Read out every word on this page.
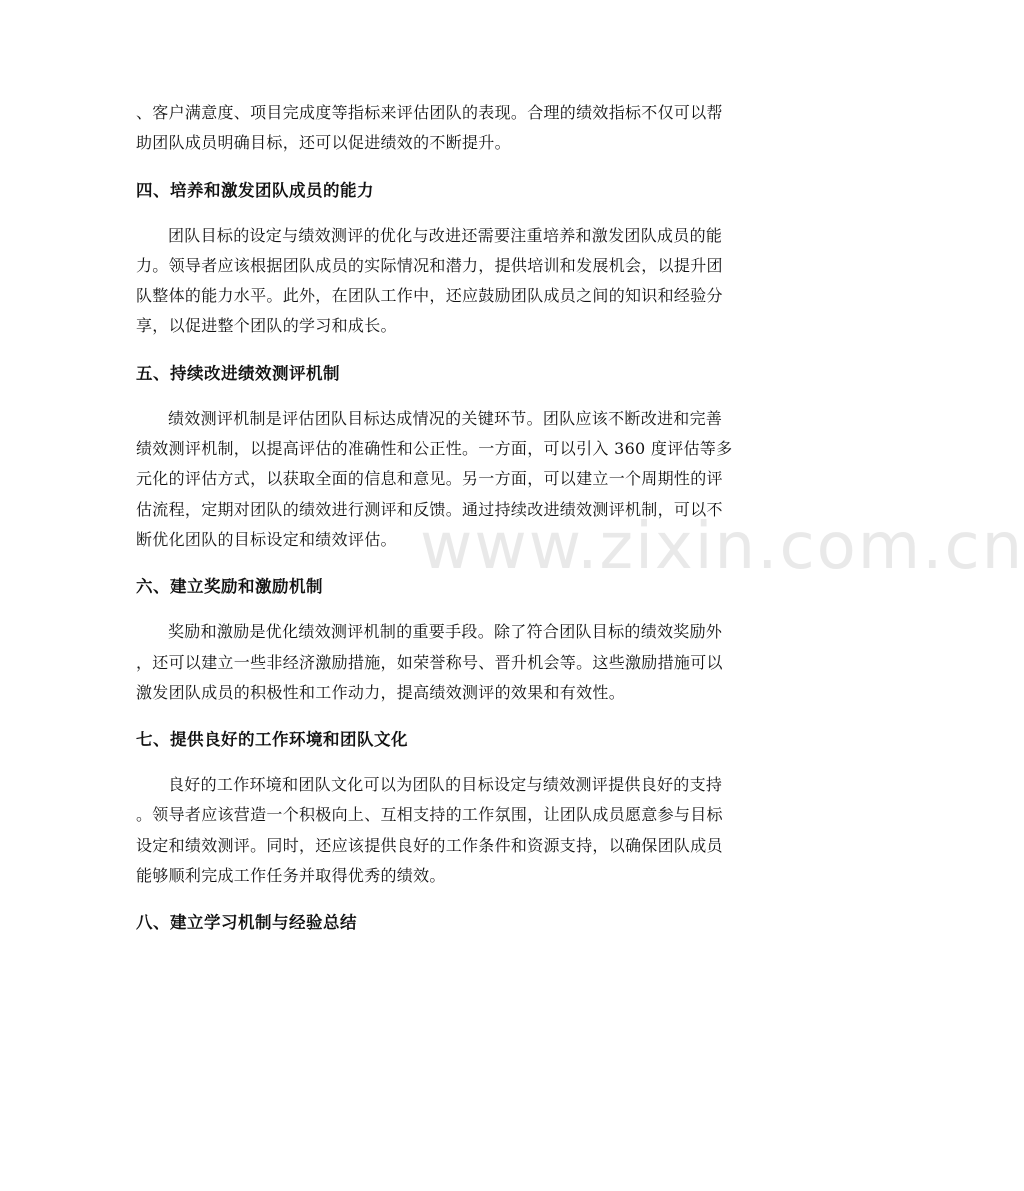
www.zixin.com.cn

、客户满意度、项目完成度等指标来评估团队的表现。合理的绩效指标不仅可以帮
助团队成员明确目标，还可以促进绩效的不断提升。

四、培养和激发团队成员的能力

团队目标的设定与绩效测评的优化与改进还需要注重培养和激发团队成员的能
力。领导者应该根据团队成员的实际情况和潜力，提供培训和发展机会，以提升团
队整体的能力水平。此外，在团队工作中，还应鼓励团队成员之间的知识和经验分
享，以促进整个团队的学习和成长。

五、持续改进绩效测评机制

绩效测评机制是评估团队目标达成情况的关键环节。团队应该不断改进和完善
绩效测评机制，以提高评估的准确性和公正性。一方面，可以引入 360 度评估等多
元化的评估方式，以获取全面的信息和意见。另一方面，可以建立一个周期性的评
估流程，定期对团队的绩效进行测评和反馈。通过持续改进绩效测评机制，可以不
断优化团队的目标设定和绩效评估。

六、建立奖励和激励机制

奖励和激励是优化绩效测评机制的重要手段。除了符合团队目标的绩效奖励外
，还可以建立一些非经济激励措施，如荣誉称号、晋升机会等。这些激励措施可以
激发团队成员的积极性和工作动力，提高绩效测评的效果和有效性。

七、提供良好的工作环境和团队文化

良好的工作环境和团队文化可以为团队的目标设定与绩效测评提供良好的支持
。领导者应该营造一个积极向上、互相支持的工作氛围，让团队成员愿意参与目标
设定和绩效测评。同时，还应该提供良好的工作条件和资源支持，以确保团队成员
能够顺利完成工作任务并取得优秀的绩效。

八、建立学习机制与经验总结
